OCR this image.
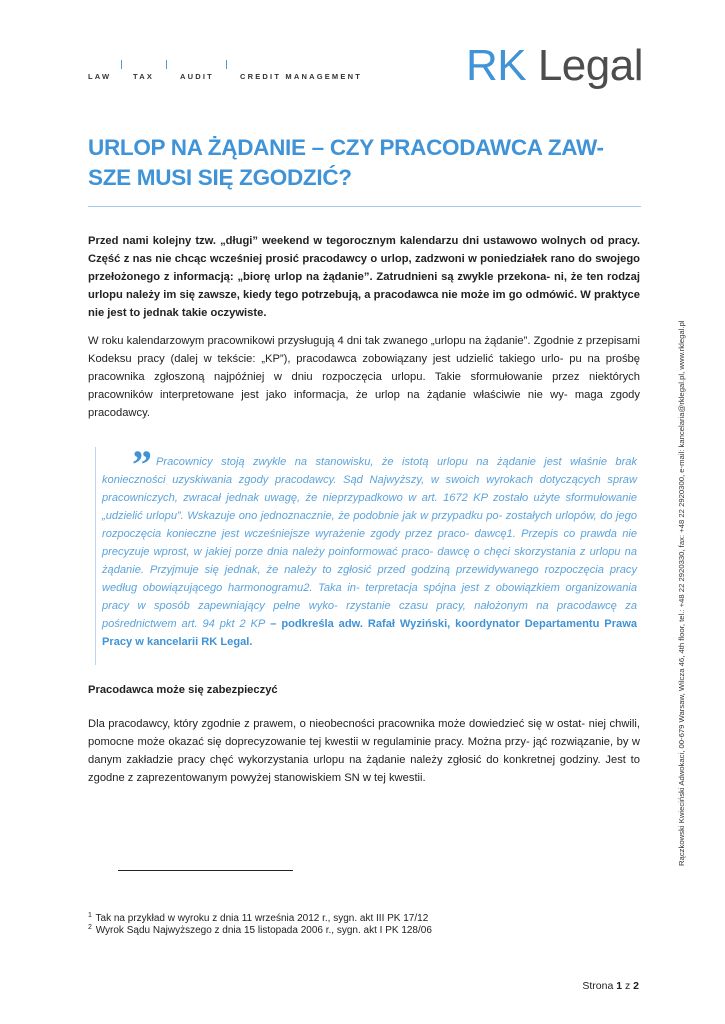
LAW	TAX	AUDIT	CREDIT MANAGEMENT RK Legal
URLOP NA ŻĄDANIE – CZY PRACODAWCA ZAW- SZE MUSI SIĘ ZGODZIĆ?

Przed nami kolejny tzw. „długi” weekend w tegorocznym kalendarzu dni ustawowo wolnych od pracy. Część z nas nie chcąc wcześniej prosić pracodawcy o urlop, zadzwoni w poniedziałek rano do swojego przełożonego z informacją: „biorę urlop na żądanie”. Zatrudnieni są zwykle przekona- ni, że ten rodzaj urlopu należy im się zawsze, kiedy tego potrzebują, a pracodawca nie może im go odmówić. W praktyce nie jest to jednak takie oczywiste.

W roku kalendarzowym pracownikowi przysługują 4 dni tak zwanego „urlopu na żądanie”. Zgodnie z przepisami Kodeksu pracy (dalej w tekście: „KP”), pracodawca zobowiązany jest udzielić takiego urlo- pu na prośbę pracownika zgłoszoną najpóźniej w dniu rozpoczęcia urlopu. Takie sformułowanie przez niektórych pracowników interpretowane jest jako informacja, że urlop na żądanie właściwie nie wy- maga zgody pracodawcy.

” Pracownicy stoją zwykle na stanowisku, że istotą urlopu na żądanie jest właśnie brak konieczności uzyskiwania zgody pracodawcy. Sąd Najwyższy, w swoich wyrokach dotyczących spraw pracowniczych, zwracał jednak uwagę, że nieprzypadkowo w art. 1672 KP zostało użyte sformułowanie „udzielić urlopu”. Wskazuje ono jednoznacznie, że podobnie jak w przypadku po- zostałych urlopów, do jego rozpoczęcia konieczne jest wcześniejsze wyrażenie zgody przez praco- dawcę1. Przepis co prawda nie precyzuje wprost, w jakiej porze dnia należy poinformować praco- dawcę o chęci skorzystania z urlopu na żądanie. Przyjmuje się jednak, że należy to zgłosić przed godziną przewidywanego rozpoczęcia pracy według obowiązującego harmonogramu2. Taka in- terpretacja spójna jest z obowiązkiem organizowania pracy w sposób zapewniający pełne wyko- rzystanie czasu pracy, nałożonym na pracodawcę za pośrednictwem art. 94 pkt 2 KP – podkreśla adw. Rafał Wyziński, koordynator Departamentu Prawa Pracy w kancelarii RK Legal.

Pracodawca może się zabezpieczyć

Dla pracodawcy, który zgodnie z prawem, o nieobecności pracownika może dowiedzieć się w ostat- niej chwili, pomocne może okazać się doprecyzowanie tej kwestii w regulaminie pracy. Można przy- jąć rozwiązanie, by w danym zakładzie pracy chęć wykorzystania urlopu na żądanie należy zgłosić do konkretnej godziny. Jest to zgodne z zaprezentowanym powyżej stanowiskiem SN w tej kwestii.

$^1$ Tak na przykład w wyroku z dnia 11 września 2012 r., sygn. akt III PK 17/12

$^2$ Wyrok Sądu Najwyższego z dnia 15 listopada 2006 r., sygn. akt I PK 128/06

Strona 1 z 2

Rączkowski Kwieciński Adwokaci, 00-679 Warsaw, Wilcza 46, 4th floor, tel.: +48 22 2920330, fax: +48 22 2920300, e-mail: kancelaria@rklegal.pl, www.rklegal.pl
